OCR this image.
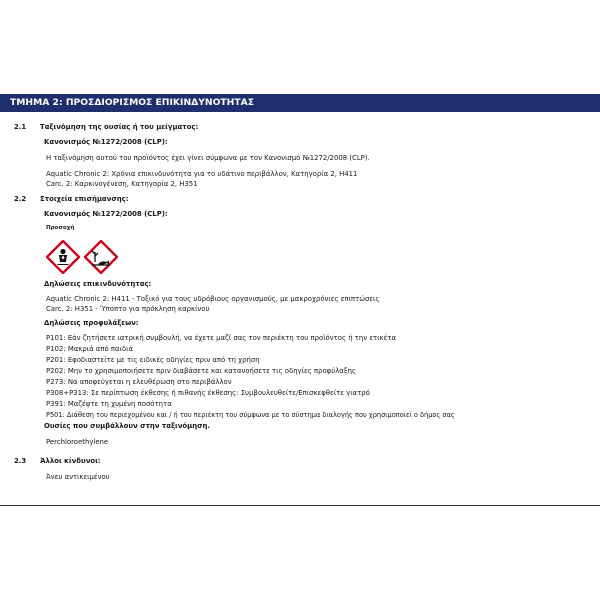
ΤΜΗΜΑ 2: ΠΡΟΣΔΙΟΡΙΣΜΟΣ ΕΠΙΚΙΝΔΥΝΟΤΗΤΑΣ
2.1 Ταξινόμηση της ουσίας ή του μείγματος:
Κανονισμός №1272/2008 (CLP):
Η ταξινόμηση αυτού του προϊόντος έχει γίνει σύμφωνα με τον Κανονισμό №1272/2008 (CLP).
Aquatic Chronic 2: Χρόνια επικινδυνότητα για το υδάτινο περιβάλλον, Κατηγορία 2, H411
Carc. 2: Καρκινογένεση, Κατηγορία 2, H351
2.2 Στοιχεία επισήμανσης:
Κανονισμός №1272/2008 (CLP):
Προσοχή
Δηλώσεις επικινδυνότητας:
Aquatic Chronic 2: H411 - Τοξικό για τους υδρόβιους οργανισμούς, με μακροχρόνιες επιπτώσεις
Carc. 2: H351 - Ύποπτο για πρόκληση καρκίνου
Δηλώσεις προφυλάξεων:
P101: Εάν ζητήσετε ιατρική συμβουλή, να έχετε μαζί σας τον περιέκτη του προϊόντος ή την ετικέτα
P102: Μακριά από παιδιά
P201: Εφοδιαστείτε με τις ειδικές οδηγίες πριν από τη χρήση
P202: Μην το χρησιμοποιήσετε πριν διαβάσετε και κατανοήσετε τις οδηγίες προφύλαξης
P273: Να αποφεύγεται η ελευθέρωση στο περιβάλλον
P308+P313: Σε περίπτωση έκθεσης ή πιθανής έκθεσης: Συμβουλευθείτε/Επισκεφθείτε γιατρό
P391: Μαζέψτε τη χυμένη ποσότητα
P501: Διάθεση του περιεχομένου και / ή του περιέκτη του σύμφωνα με το σύστημα διαλογής που χρησιμοποιεί ο δήμος σας
Ουσίες που συμβάλλουν στην ταξινόμηση.
Perchloroethylene
2.3 Άλλοι κίνδυνοι:
Άνευ αντικειμένου
